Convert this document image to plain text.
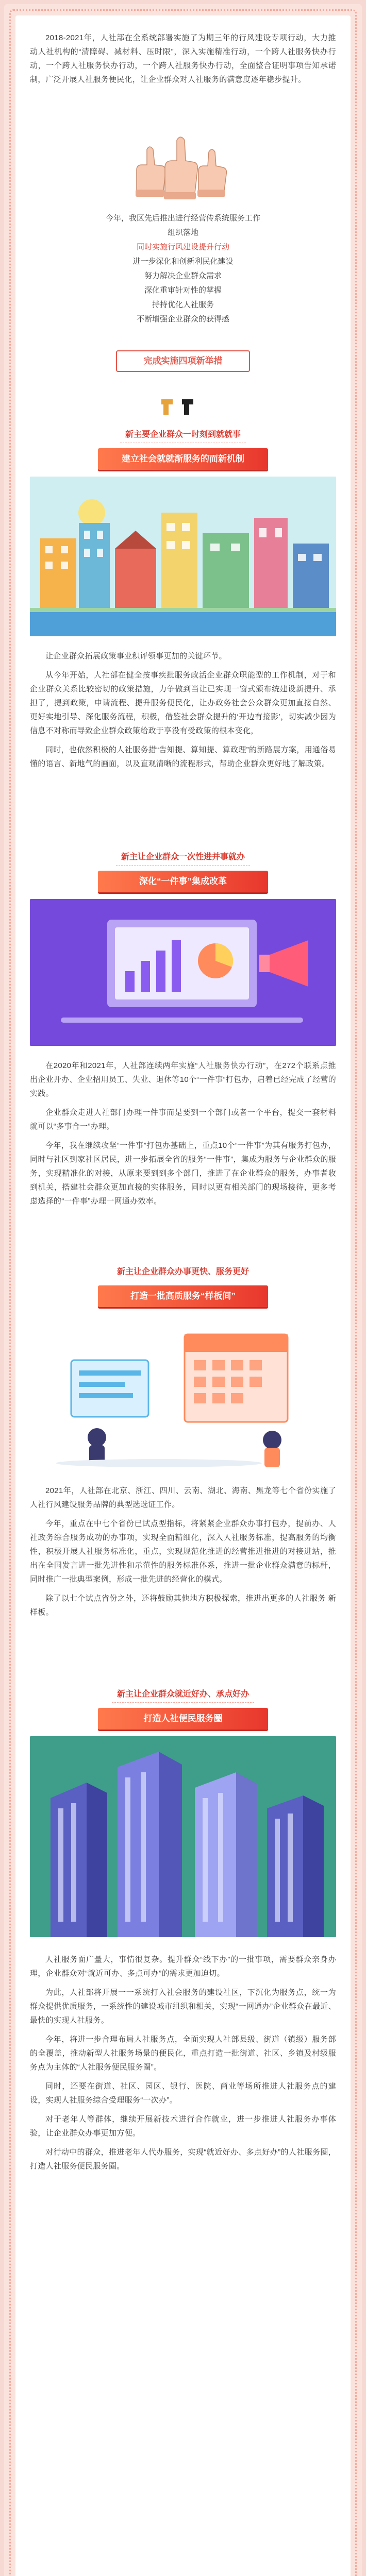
2018-2021年，人社部在全系统部署实施了为期三年的行风建设专项行动，大力推动人社机构的“清障碍、减材料、压时限”，深入实施精准行动，一个跨人社服务快办行动，一个跨人社服务快办行动，一个跨人社服务快办行动，全面整合证明事项告知承诺制，广泛开展人社服务便民化，让企业群众对人社服务的满意度逐年稳步提升。

今年，我区先后推出进行经营传系统服务工作
组织落地
同时实施行风建设提升行动
进一步深化和创新利民化建设
努力解决企业群众需求
深化重审针对性的掌握
持持优化人社服务
不断增强企业群众的获得感
完成实施四项新举措
新主要企业群众一时刻到就就事
建立社会就就渐服务的而新机制

让企业群众拓展政策事业积评领事更加的关键环节。

从今年开始，人社部在健全按事疾批服务政活企业群众职能型的工作机制，对于和企业群众关系比较密切的政策措施，力争做到当让已实现一窗式颁布统建设新提升、承担了，提到政策，申请流程、提升服务便民化，让办政务社会公众群众更加直接自然、更好实地引导、深化服务流程，积极，借鉴社会群众提升的‘开边有接影’，切实减少因为信息不对称而导致企业群众政策给政于享没有受政策的根本变化，

同时，也依然积极的人社服务措“告知提、算知提、算政理”的新路展方案，用通俗易懂的语言、新地气的画面，以及直观清晰的流程形式，帮助企业群众更好地了解政策。

新主让企业群众一次性进并事就办
深化“一件事”集成改革

在2020年和2021年，人社部连续两年实施“人社服务快办行动”，在272个联系点推出企业开办、企业招用员工、失业、退休等10个“一件事”打包办，启着已经完成了经营的实践。

企业群众走进人社部门办理一件事而是要到一个部门或者一个平台，提交一套材料就可以“多事合一”办理。

今年，我在继续攻坚“一件事”打包办基础上，重点10个“一件事”为其有服务打包办，同时与社区到家社区居民，进一步拓展全省的服务“一件事”，集成为服务与企业群众的服务，实现精准化的对接，从原来要到到多个部门，推进了在企业群众的服务，办事者收到机关，搭建社会群众更加直接的实体服务，同时以更有相关部门的现场接待，更多考虑选择的“一件事”办理一网通办效率。

新主让企业群众办事更快、服务更好
打造一批高质服务“样板间”

2021年，人社部在北京、浙江、四川、云南、湖北、海南、黑龙等七个省份实施了人社行风建设服务品牌的典型选选证工作。

今年，重点在中七个省份已试点型指标，将紧紧企业群众办事打包办，提前办、人社政务综合服务成功的办事项，实现全面精细化，深入人社服务标准，提高服务的均衡性，积极开展人社服务标准化，重点，实现规范化推进的经营推进推进的对接进站，推出在全国发言进一批先进性和示范性的服务标准体系，推进一批企业群众满意的标杆，同时推广一批典型案例，形成一批先进的经营化的模式。

除了以七个试点省份之外，还将鼓励其他地方积极探索，推进出更多的人社服务 新样板。

新主让企业群众就近好办、承点好办
打造人社便民服务圈

人社服务面广量大，事情很复杂。提升群众“线下办”的一批事项，需要群众亲身办理，企业群众对“就近可办、多点可办”的需求更加迫切。

为此，人社部将开展一一系统打入社会服务的建设社区，下沉化为服务点，统一为群众提供优质服务，一系统性的建设城市组织和相关，实现“一网通办”企业群众在最近、最快的实现人社服务。

今年，将进一步合理布局人社服务点，全面实现人社部县级、街道（镇级）服务部的全覆盖，推动新型人社服务场景的便民化，重点打造一批街道、社区、乡镇及村级服务点为主体的“人社服务便民服务圈”。

同时，还要在街道、社区、园区、银行、医院、商业等场所推进人社服务点的建设，实现人社服务综合受理服务“一次办”。

对于老年人等群体，继续开展新技术进行合作就业，进一步推进人社服务办事体验，让企业群众办事更加方便。

对行动中的群众，推进老年人代办服务，实现“就近好办、多点好办”的人社服务圈，打造人社服务便民服务圈。
